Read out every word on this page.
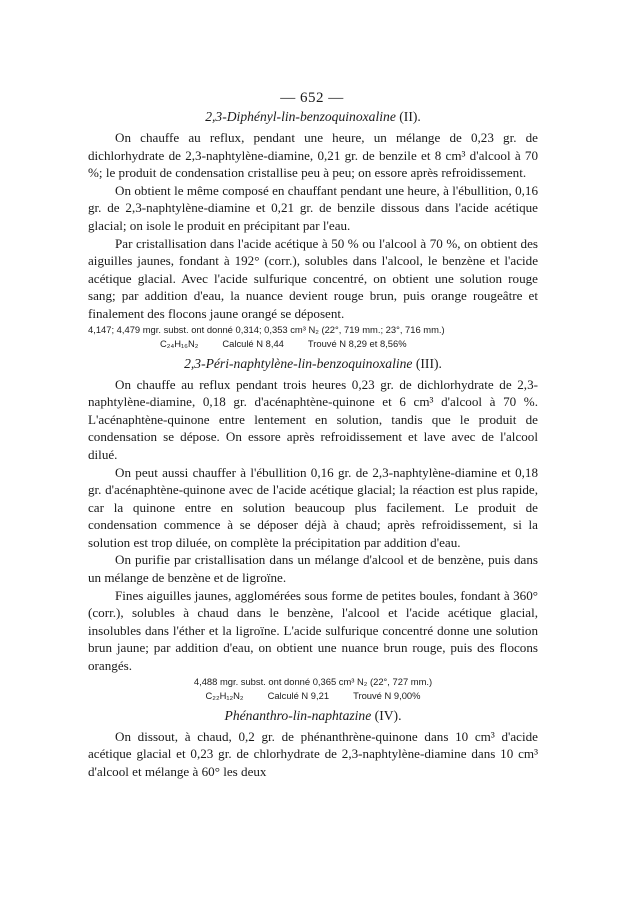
— 652 —

2,3-Diphényl-lin-benzoquinoxaline (II).

On chauffe au reflux, pendant une heure, un mélange de 0,23 gr. de dichlorhydrate de 2,3-naphtylène-diamine, 0,21 gr. de benzile et 8 cm³ d'alcool à 70 %; le produit de condensation cristallise peu à peu; on essore après refroidissement.

On obtient le même composé en chauffant pendant une heure, à l'ébullition, 0,16 gr. de 2,3-naphtylène-diamine et 0,21 gr. de benzile dissous dans l'acide acétique glacial; on isole le produit en précipitant par l'eau.

Par cristallisation dans l'acide acétique à 50 % ou l'alcool à 70 %, on obtient des aiguilles jaunes, fondant à 192° (corr.), solubles dans l'alcool, le benzène et l'acide acétique glacial. Avec l'acide sulfurique concentré, on obtient une solution rouge sang; par addition d'eau, la nuance devient rouge brun, puis orange rougeâtre et finalement des flocons jaune orangé se déposent.

4,147; 4,479 mgr. subst. ont donné 0,314; 0,353 cm³ N₂ (22°, 719 mm.; 23°, 716 mm.)

C₂₄H₁₆N₂	Calculé N 8,44	Trouvé N 8,29 et 8,56%

2,3-Péri-naphtylène-lin-benzoquinoxaline (III).

On chauffe au reflux pendant trois heures 0,23 gr. de dichlorhydrate de 2,3-naphtylène-diamine, 0,18 gr. d'acénaphtène-quinone et 6 cm³ d'alcool à 70 %. L'acénaphtène-quinone entre lentement en solution, tandis que le produit de condensation se dépose. On essore après refroidissement et lave avec de l'alcool dilué.

On peut aussi chauffer à l'ébullition 0,16 gr. de 2,3-naphtylène-diamine et 0,18 gr. d'acénaphtène-quinone avec de l'acide acétique glacial; la réaction est plus rapide, car la quinone entre en solution beaucoup plus facilement. Le produit de condensation commence à se déposer déjà à chaud; après refroidissement, si la solution est trop diluée, on complète la précipitation par addition d'eau.

On purifie par cristallisation dans un mélange d'alcool et de benzène, puis dans un mélange de benzène et de ligroïne.

Fines aiguilles jaunes, agglomérées sous forme de petites boules, fondant à 360° (corr.), solubles à chaud dans le benzène, l'alcool et l'acide acétique glacial, insolubles dans l'éther et la ligroïne. L'acide sulfurique concentré donne une solution brun jaune; par addition d'eau, on obtient une nuance brun rouge, puis des flocons orangés.

4,488 mgr. subst. ont donné 0,365 cm³ N₂ (22°, 727 mm.)

C₂₂H₁₂N₂	Calculé N 9,21	Trouvé N 9,00%

Phénanthro-lin-naphtazine (IV).

On dissout, à chaud, 0,2 gr. de phénanthrène-quinone dans 10 cm³ d'acide acétique glacial et 0,23 gr. de chlorhydrate de 2,3-naphtylène-diamine dans 10 cm³ d'alcool et mélange à 60° les deux
